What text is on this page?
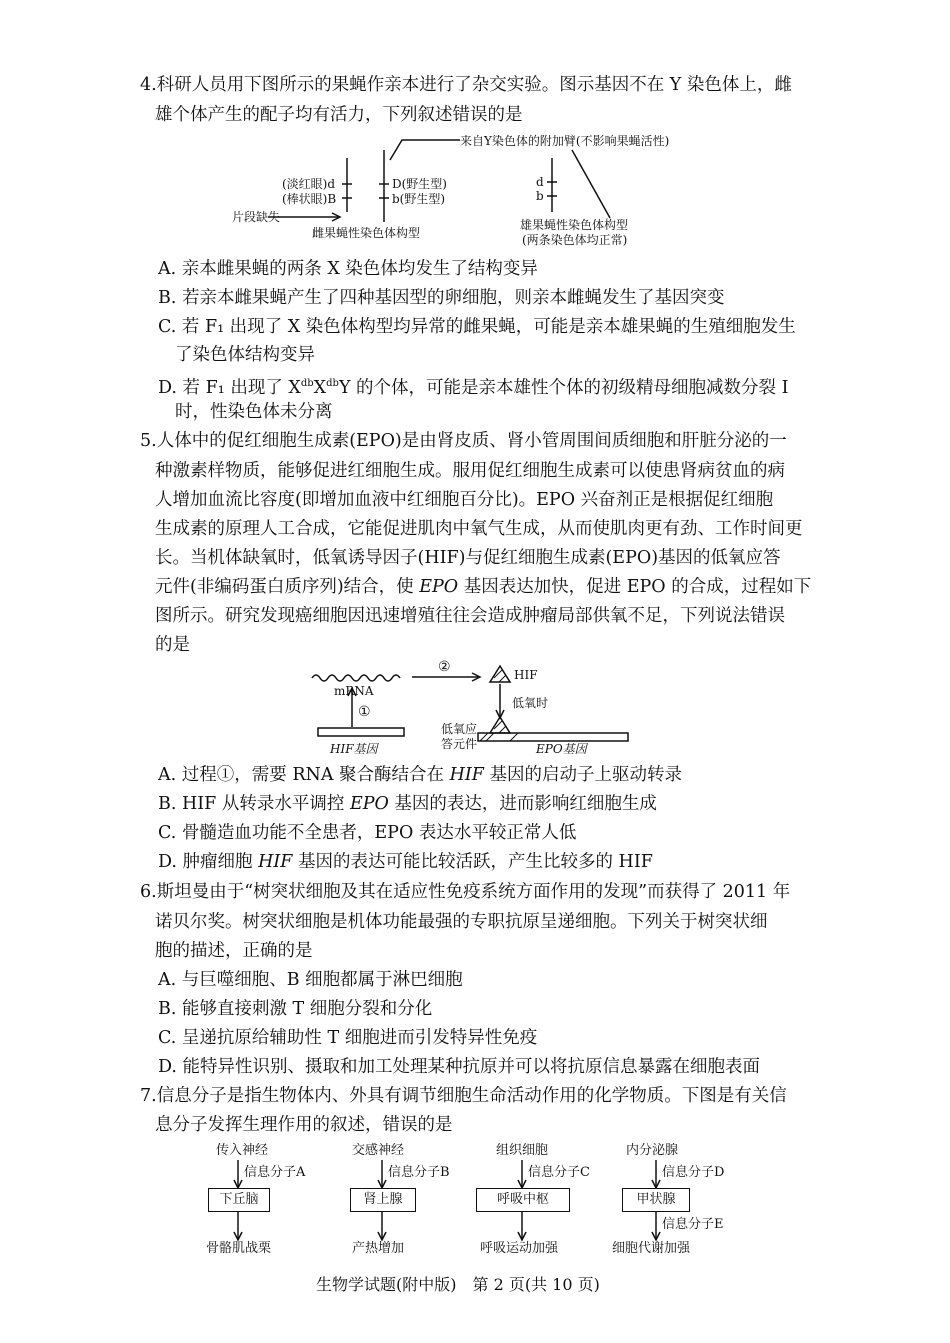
4.科研人员用下图所示的果蝇作亲本进行了杂交实验。图示基因不在 Y 染色体上，雌
雄个体产生的配子均有活力，下列叙述错误的是
来自Y染色体的附加臂(不影响果蝇活性)
(淡红眼)d
(棒状眼)B
D(野生型)
b(野生型)
片段缺失
雌果蝇性染色体构型
d
b
雄果蝇性染色体构型
(两条染色体均正常)
A. 亲本雌果蝇的两条 X 染色体均发生了结构变异
B. 若亲本雌果蝇产生了四种基因型的卵细胞，则亲本雌蝇发生了基因突变
C. 若 F₁ 出现了 X 染色体构型均异常的雌果蝇，可能是亲本雄果蝇的生殖细胞发生
了染色体结构变异
D. 若 F₁ 出现了 $X^{db}X^{db}Y$ 的个体，可能是亲本雄性个体的初级精母细胞减数分裂 I
时，性染色体未分离
5.人体中的促红细胞生成素(EPO)是由肾皮质、肾小管周围间质细胞和肝脏分泌的一
种激素样物质，能够促进红细胞生成。服用促红细胞生成素可以使患肾病贫血的病
人增加血流比容度(即增加血液中红细胞百分比)。EPO 兴奋剂正是根据促红细胞
生成素的原理人工合成，它能促进肌肉中氧气生成，从而使肌肉更有劲、工作时间更
长。当机体缺氧时，低氧诱导因子(HIF)与促红细胞生成素(EPO)基因的低氧应答
元件(非编码蛋白质序列)结合，使 EPO 基因表达加快，促进 EPO 的合成，过程如下
图所示。研究发现癌细胞因迅速增殖往往会造成肿瘤局部供氧不足，下列说法错误
的是
mRNA
①
②	HIF
低氧时
低氧应
答元件
HIF基因	EPO基因
A. 过程①，需要 RNA 聚合酶结合在 HIF 基因的启动子上驱动转录
B. HIF 从转录水平调控 EPO 基因的表达，进而影响红细胞生成
C. 骨髓造血功能不全患者，EPO 表达水平较正常人低
D. 肿瘤细胞 HIF 基因的表达可能比较活跃，产生比较多的 HIF
6.斯坦曼由于“树突状细胞及其在适应性免疫系统方面作用的发现”而获得了 2011 年
诺贝尔奖。树突状细胞是机体功能最强的专职抗原呈递细胞。下列关于树突状细
胞的描述，正确的是
A. 与巨噬细胞、B 细胞都属于淋巴细胞
B. 能够直接刺激 T 细胞分裂和分化
C. 呈递抗原给辅助性 T 细胞进而引发特异性免疫
D. 能特异性识别、摄取和加工处理某种抗原并可以将抗原信息暴露在细胞表面
7.信息分子是指生物体内、外具有调节细胞生命活动作用的化学物质。下图是有关信
息分子发挥生理作用的叙述，错误的是
传入神经
信息分子A
下丘脑
骨骼肌战栗
交感神经
信息分子B
肾上腺
产热增加
组织细胞
信息分子C
呼吸中枢
呼吸运动加强
内分泌腺
信息分子D
甲状腺
信息分子E
细胞代谢加强
生物学试题(附中版)　第 2 页(共 10 页)
